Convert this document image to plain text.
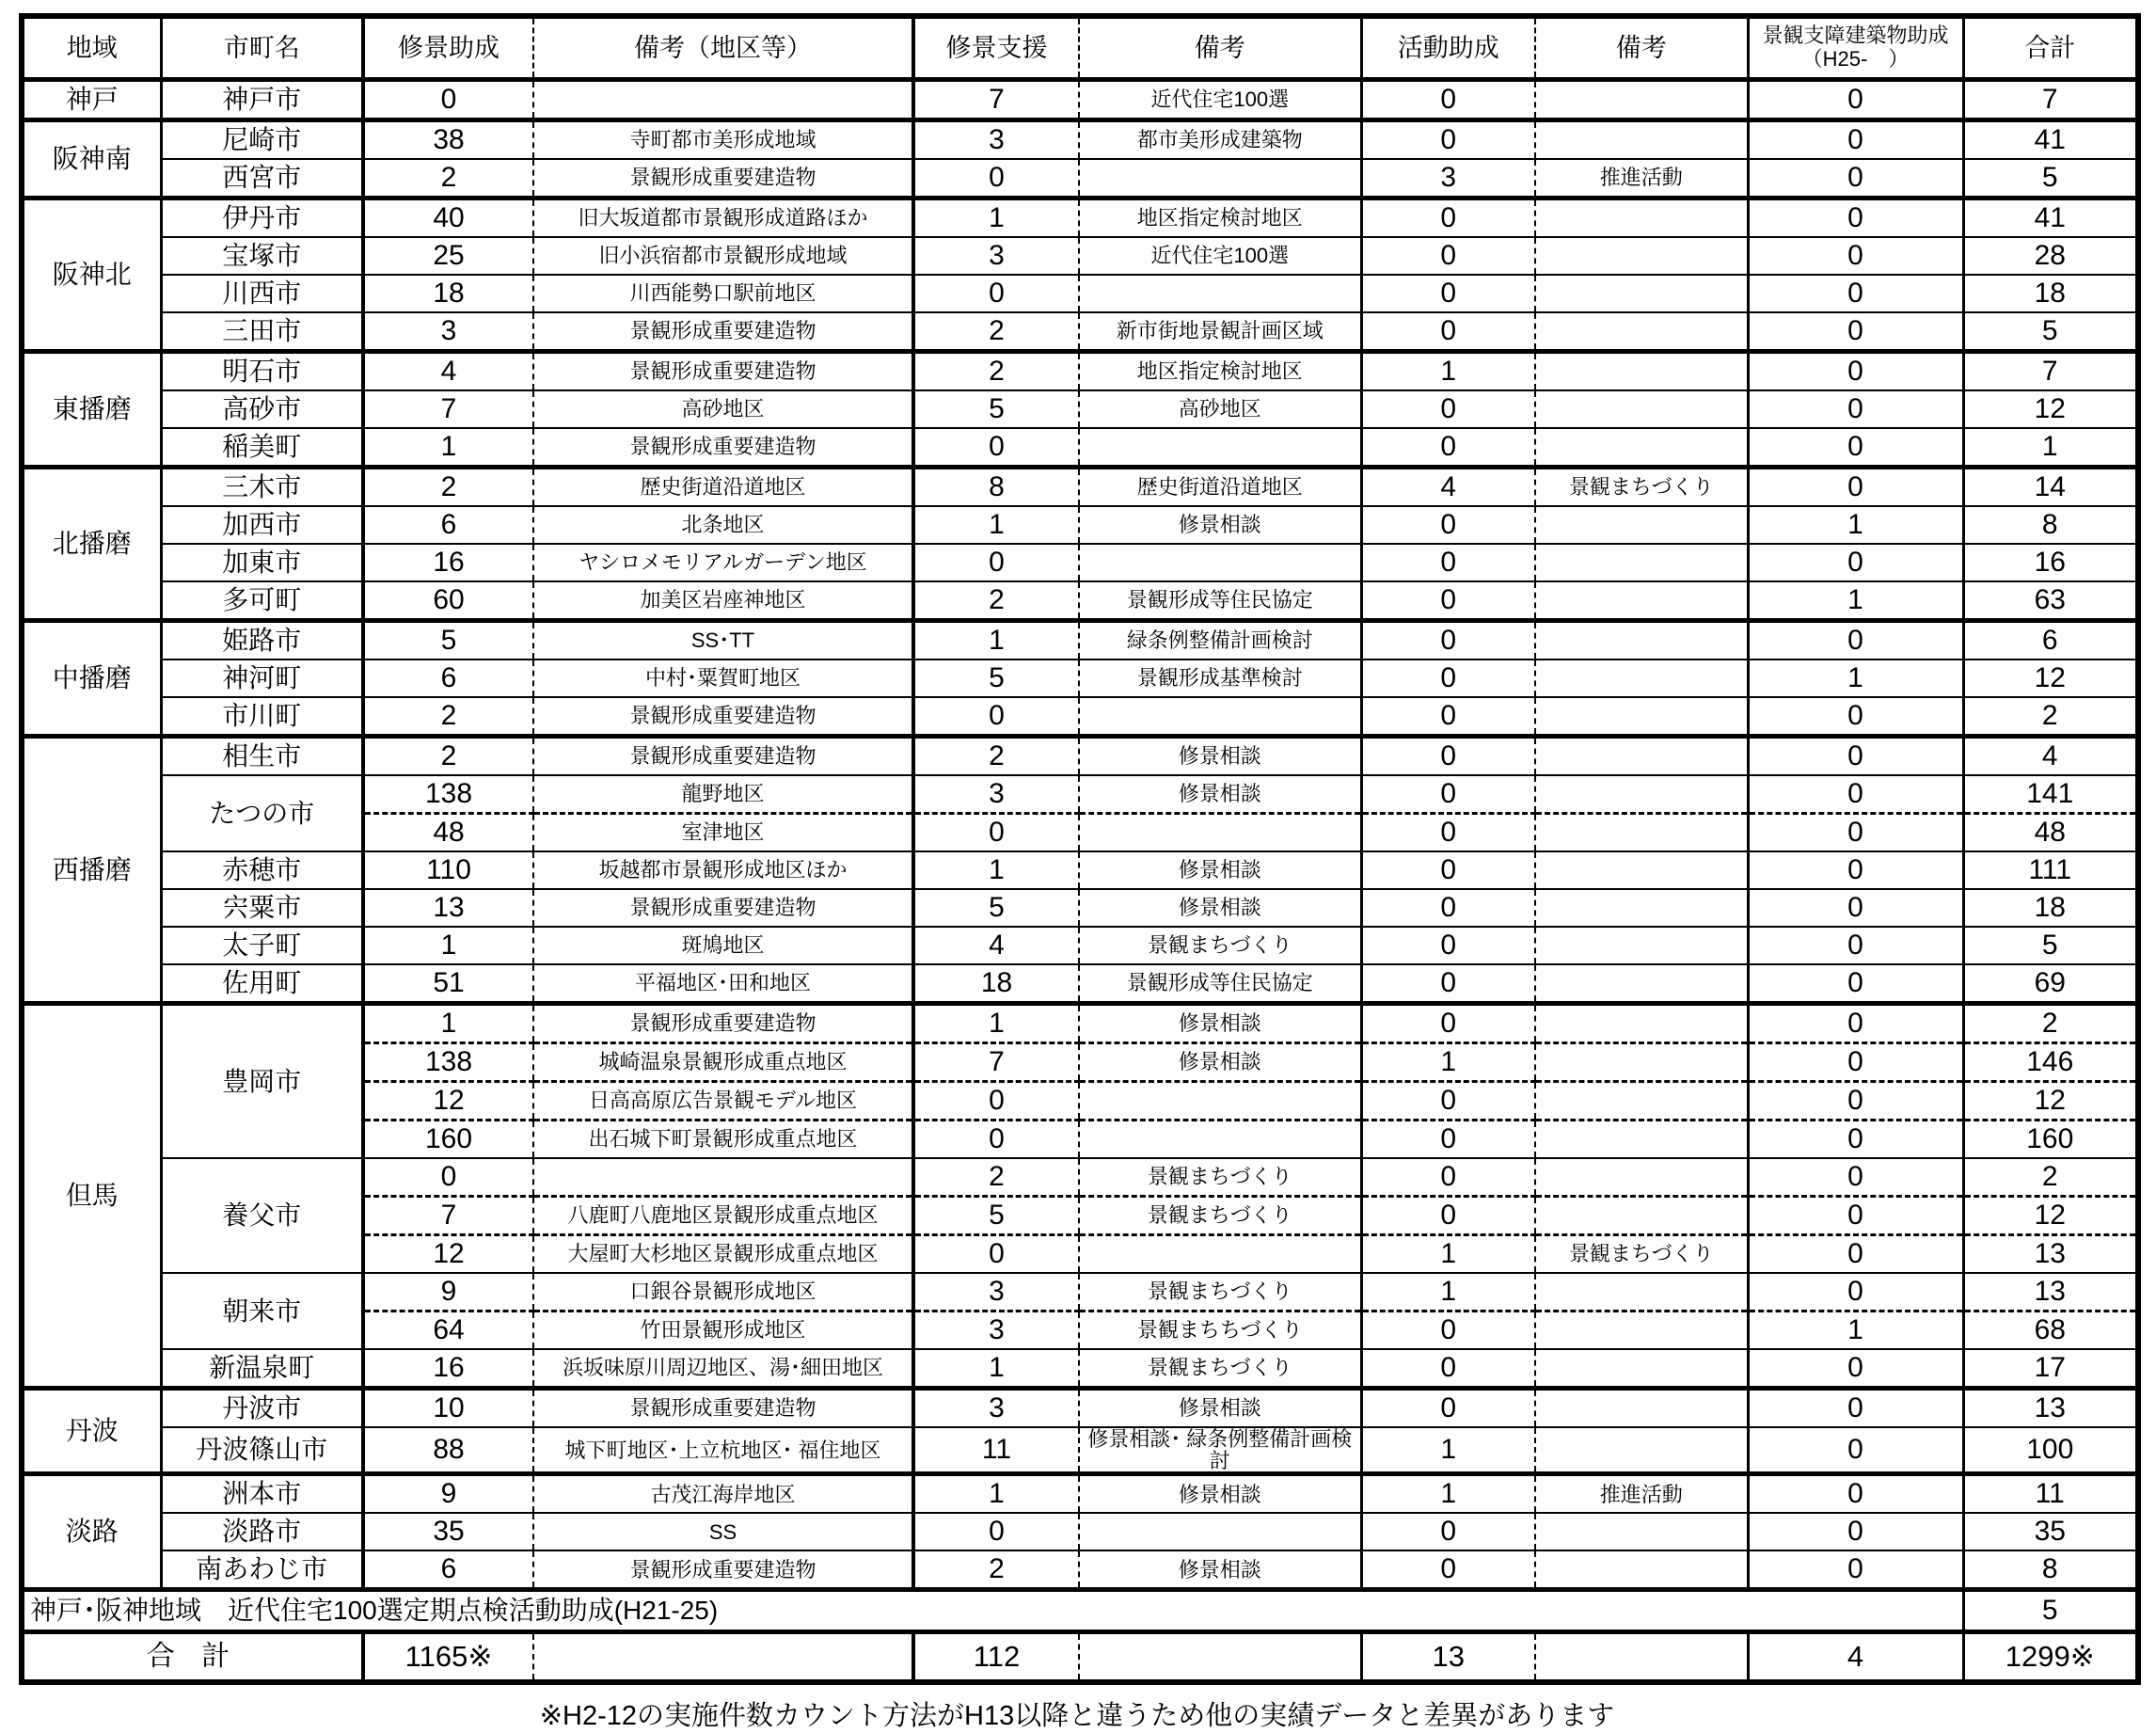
地域	市町名	修景助成	備考（地区等）	修景支援	備考	活動助成	備考	景観支障建築物助成（H25-　）	合計
神戸	神戸市	0		7	近代住宅100選	0		0	7
阪神南	尼崎市	38	寺町都市美形成地域	3	都市美形成建築物	0		0	41
	西宮市	2	景観形成重要建造物	0		3	推進活動	0	5
阪神北	伊丹市	40	旧大坂道都市景観形成道路ほか	1	地区指定検討地区	0		0	41
	宝塚市	25	旧小浜宿都市景観形成地域	3	近代住宅100選	0		0	28
	川西市	18	川西能勢口駅前地区	0		0		0	18
	三田市	3	景観形成重要建造物	2	新市街地景観計画区域	0		0	5
東播磨	明石市	4	景観形成重要建造物	2	地区指定検討地区	1		0	7
	高砂市	7	高砂地区	5	高砂地区	0		0	12
	稲美町	1	景観形成重要建造物	0		0		0	1
北播磨	三木市	2	歴史街道沿道地区	8	歴史街道沿道地区	4	景観まちづくり	0	14
	加西市	6	北条地区	1	修景相談	0		1	8
	加東市	16	ヤシロメモリアルガーデン地区	0		0		0	16
	多可町	60	加美区岩座神地区	2	景観形成等住民協定	0		1	63
中播磨	姫路市	5	SS･TT	1	緑条例整備計画検討	0		0	6
	神河町	6	中村･粟賀町地区	5	景観形成基準検討	0		1	12
	市川町	2	景観形成重要建造物	0		0		0	2
西播磨	相生市	2	景観形成重要建造物	2	修景相談	0		0	4
	たつの市	138	龍野地区	3	修景相談	0		0	141
		48	室津地区	0		0		0	48
	赤穂市	110	坂越都市景観形成地区ほか	1	修景相談	0		0	111
	宍粟市	13	景観形成重要建造物	5	修景相談	0		0	18
	太子町	1	斑鳩地区	4	景観まちづくり	0		0	5
	佐用町	51	平福地区･田和地区	18	景観形成等住民協定	0		0	69
但馬	豊岡市	1	景観形成重要建造物	1	修景相談	0		0	2
		138	城崎温泉景観形成重点地区	7	修景相談	1		0	146
		12	日高高原広告景観モデル地区	0		0		0	12
		160	出石城下町景観形成重点地区	0		0		0	160
	養父市	0		2	景観まちづくり	0		0	2
		7	八鹿町八鹿地区景観形成重点地区	5	景観まちづくり	0		0	12
		12	大屋町大杉地区景観形成重点地区	0		1	景観まちづくり	0	13
	朝来市	9	口銀谷景観形成地区	3	景観まちづくり	1		0	13
		64	竹田景観形成地区	3	景観まちちづくり	0		1	68
	新温泉町	16	浜坂味原川周辺地区、湯･細田地区	1	景観まちづくり	0		0	17
丹波	丹波市	10	景観形成重要建造物	3	修景相談	0		0	13
	丹波篠山市	88	城下町地区･上立杭地区･ 福住地区	11	修景相談･ 緑条例整備計画検討	1		0	100
淡路	洲本市	9	古茂江海岸地区	1	修景相談	1	推進活動	0	11
	淡路市	35	SS	0		0		0	35
	南あわじ市	6	景観形成重要建造物	2	修景相談	0		0	8
神戸･阪神地域　近代住宅100選定期点検活動助成(H21-25)									5
合 計		1165※		112		13		4	1299※
※H2-12の実施件数カウント方法がH13以降と違うため他の実績データと差異があります
